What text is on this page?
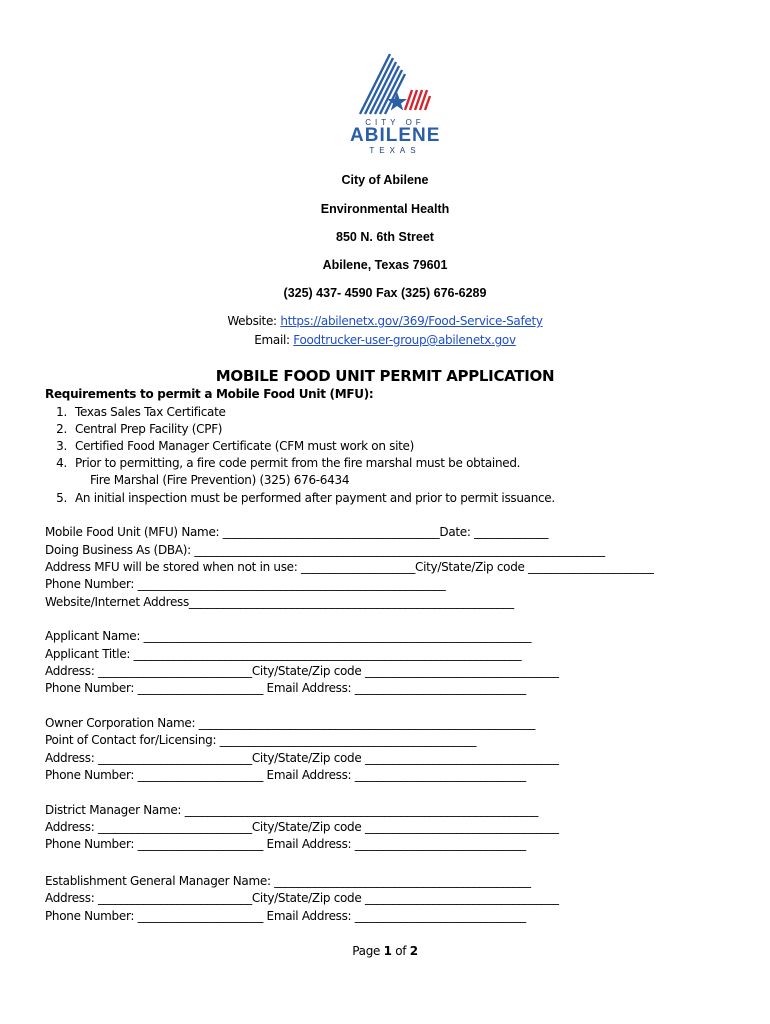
CITY OF
ABILENE
TEXAS
City of Abilene
Environmental Health
850 N. 6th Street
Abilene, Texas 79601
(325) 437- 4590 Fax (325) 676-6289
Website: https://abilenetx.gov/369/Food-Service-Safety
Email: Foodtrucker-user-group@abilenetx.gov
MOBILE FOOD UNIT PERMIT APPLICATION
Requirements to permit a Mobile Food Unit (MFU):
1. Texas Sales Tax Certificate
2. Central Prep Facility (CPF)
3. Certified Food Manager Certificate (CFM must work on site)
4. Prior to permitting, a fire code permit from the fire marshal must be obtained.
Fire Marshal (Fire Prevention) (325) 676-6434
5. An initial inspection must be performed after payment and prior to permit issuance.
Mobile Food Unit (MFU) Name: ______________________________________Date: _____________
Doing Business As (DBA): ________________________________________________________________________
Address MFU will be stored when not in use: ____________________City/State/Zip code ______________________
Phone Number: ______________________________________________________
Website/Internet Address_________________________________________________________
Applicant Name: ____________________________________________________________________
Applicant Title: ____________________________________________________________________
Address: ___________________________City/State/Zip code __________________________________
Phone Number: ______________________ Email Address: ______________________________
Owner Corporation Name: ___________________________________________________________
Point of Contact for/Licensing: _____________________________________________
Address: ___________________________City/State/Zip code __________________________________
Phone Number: ______________________ Email Address: ______________________________
District Manager Name: ______________________________________________________________
Address: ___________________________City/State/Zip code __________________________________
Phone Number: ______________________ Email Address: ______________________________
Establishment General Manager Name: _____________________________________________
Address: ___________________________City/State/Zip code __________________________________
Phone Number: ______________________ Email Address: ______________________________
Page 1 of 2
